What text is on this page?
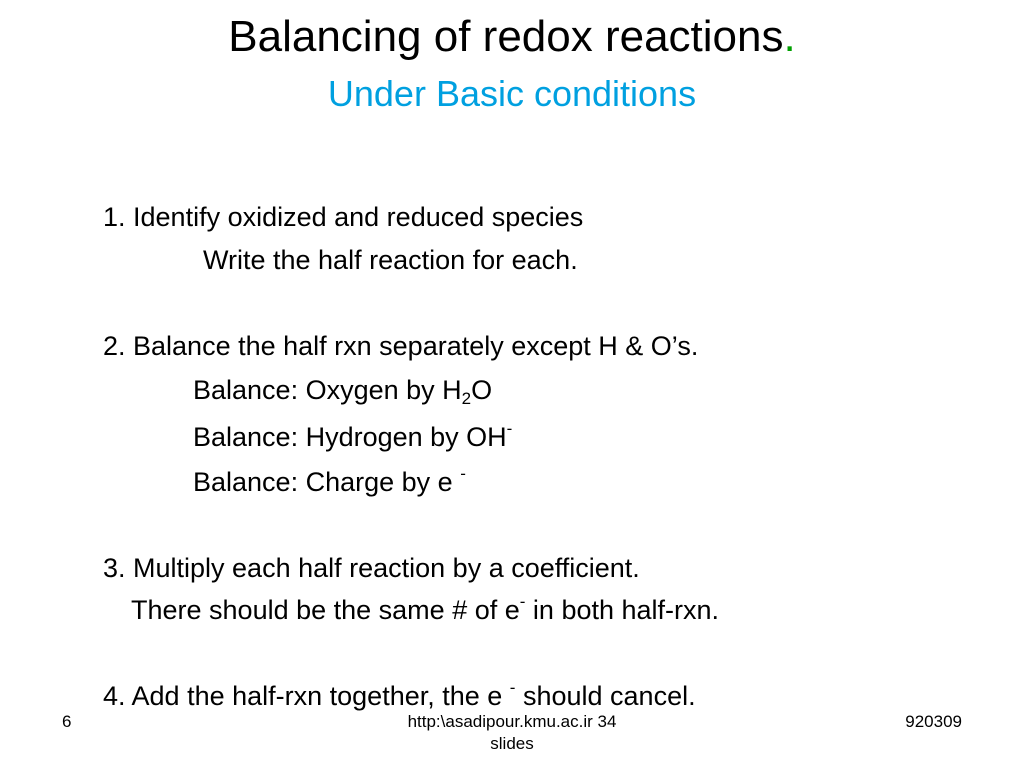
Balancing of redox reactions.
Under Basic conditions
1. Identify oxidized and reduced species
Write the half reaction for each.
2. Balance the half rxn separately except H & O’s.
Balance: Oxygen by $H_2O$
Balance: Hydrogen by OH-
Balance: Charge by e -
3. Multiply each half reaction by a coefficient.
There should be the same # of e- in both half-rxn.
4. Add the half-rxn together, the e - should cancel.
6	http:\asadipour.kmu.ac.ir 34
slides
920309
